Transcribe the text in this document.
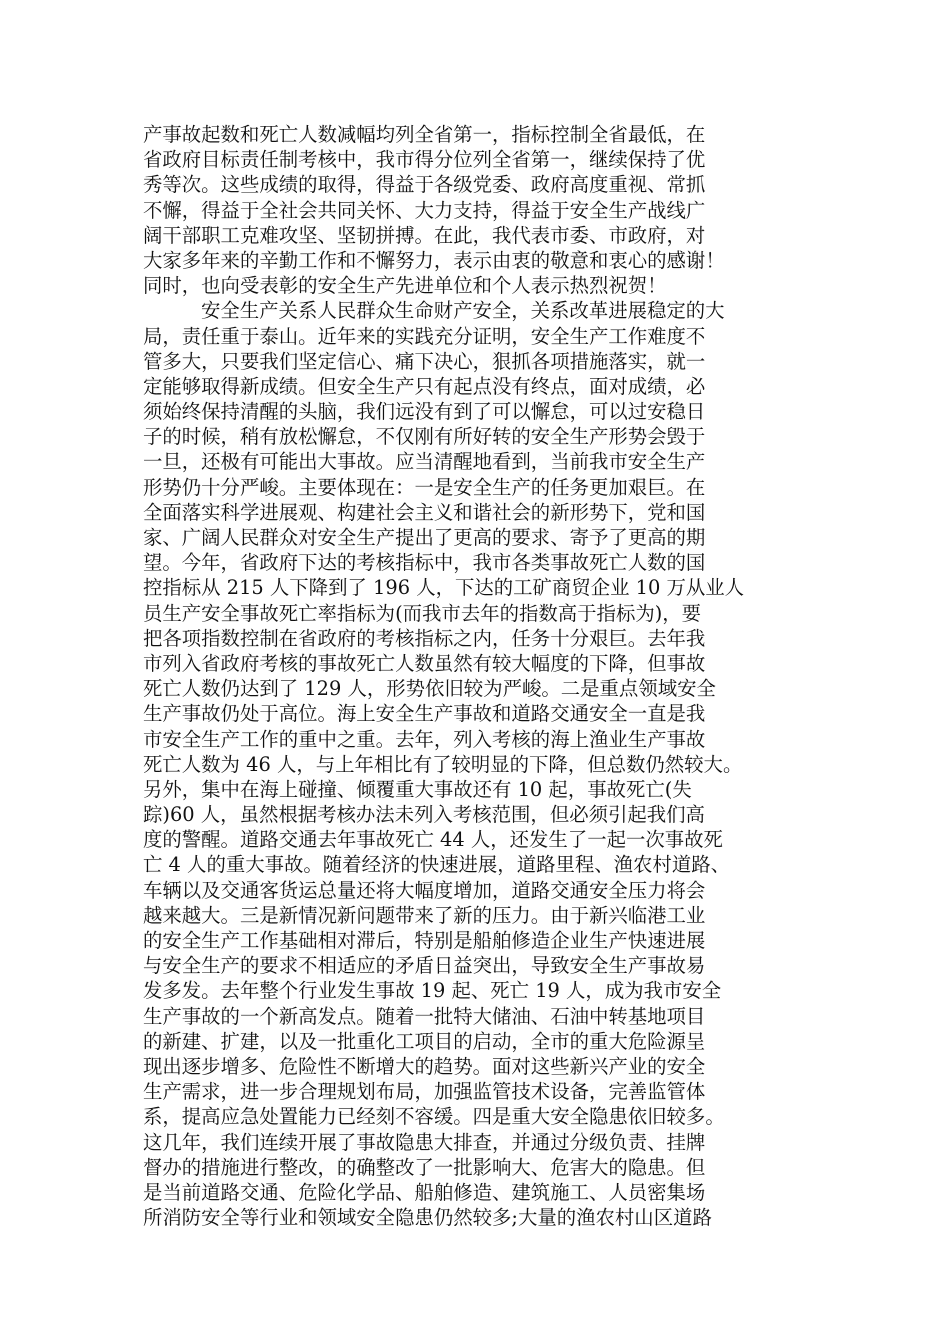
产事故起数和死亡人数减幅均列全省第一，指标控制全省最低，在
省政府目标责任制考核中，我市得分位列全省第一，继续保持了优
秀等次。这些成绩的取得，得益于各级党委、政府高度重视、常抓
不懈，得益于全社会共同关怀、大力支持，得益于安全生产战线广
阔干部职工克难攻坚、坚韧拼搏。在此，我代表市委、市政府，对
大家多年来的辛勤工作和不懈努力，表示由衷的敬意和衷心的感谢！
同时，也向受表彰的安全生产先进单位和个人表示热烈祝贺！
安全生产关系人民群众生命财产安全，关系改革进展稳定的大
局，责任重于泰山。近年来的实践充分证明，安全生产工作难度不
管多大，只要我们坚定信心、痛下决心，狠抓各项措施落实，就一
定能够取得新成绩。但安全生产只有起点没有终点，面对成绩，必
须始终保持清醒的头脑，我们远没有到了可以懈怠，可以过安稳日
子的时候，稍有放松懈怠，不仅刚有所好转的安全生产形势会毁于
一旦，还极有可能出大事故。应当清醒地看到，当前我市安全生产
形势仍十分严峻。主要体现在：一是安全生产的任务更加艰巨。在
全面落实科学进展观、构建社会主义和谐社会的新形势下，党和国
家、广阔人民群众对安全生产提出了更高的要求、寄予了更高的期
望。今年，省政府下达的考核指标中，我市各类事故死亡人数的国
控指标从 215 人下降到了 196 人，下达的工矿商贸企业 10 万从业人
员生产安全事故死亡率指标为(而我市去年的指数高于指标为)，要
把各项指数控制在省政府的考核指标之内，任务十分艰巨。去年我
市列入省政府考核的事故死亡人数虽然有较大幅度的下降，但事故
死亡人数仍达到了 129 人，形势依旧较为严峻。二是重点领域安全
生产事故仍处于高位。海上安全生产事故和道路交通安全一直是我
市安全生产工作的重中之重。去年，列入考核的海上渔业生产事故
死亡人数为 46 人，与上年相比有了较明显的下降，但总数仍然较大。
另外，集中在海上碰撞、倾覆重大事故还有 10 起，事故死亡(失
踪)60 人，虽然根据考核办法未列入考核范围，但必须引起我们高
度的警醒。道路交通去年事故死亡 44 人，还发生了一起一次事故死
亡 4 人的重大事故。随着经济的快速进展，道路里程、渔农村道路、
车辆以及交通客货运总量还将大幅度增加，道路交通安全压力将会
越来越大。三是新情况新问题带来了新的压力。由于新兴临港工业
的安全生产工作基础相对滞后，特别是船舶修造企业生产快速进展
与安全生产的要求不相适应的矛盾日益突出，导致安全生产事故易
发多发。去年整个行业发生事故 19 起、死亡 19 人，成为我市安全
生产事故的一个新高发点。随着一批特大储油、石油中转基地项目
的新建、扩建，以及一批重化工项目的启动，全市的重大危险源呈
现出逐步增多、危险性不断增大的趋势。面对这些新兴产业的安全
生产需求，进一步合理规划布局，加强监管技术设备，完善监管体
系，提高应急处置能力已经刻不容缓。四是重大安全隐患依旧较多。
这几年，我们连续开展了事故隐患大排查，并通过分级负责、挂牌
督办的措施进行整改，的确整改了一批影响大、危害大的隐患。但
是当前道路交通、危险化学品、船舶修造、建筑施工、人员密集场
所消防安全等行业和领域安全隐患仍然较多;大量的渔农村山区道路
